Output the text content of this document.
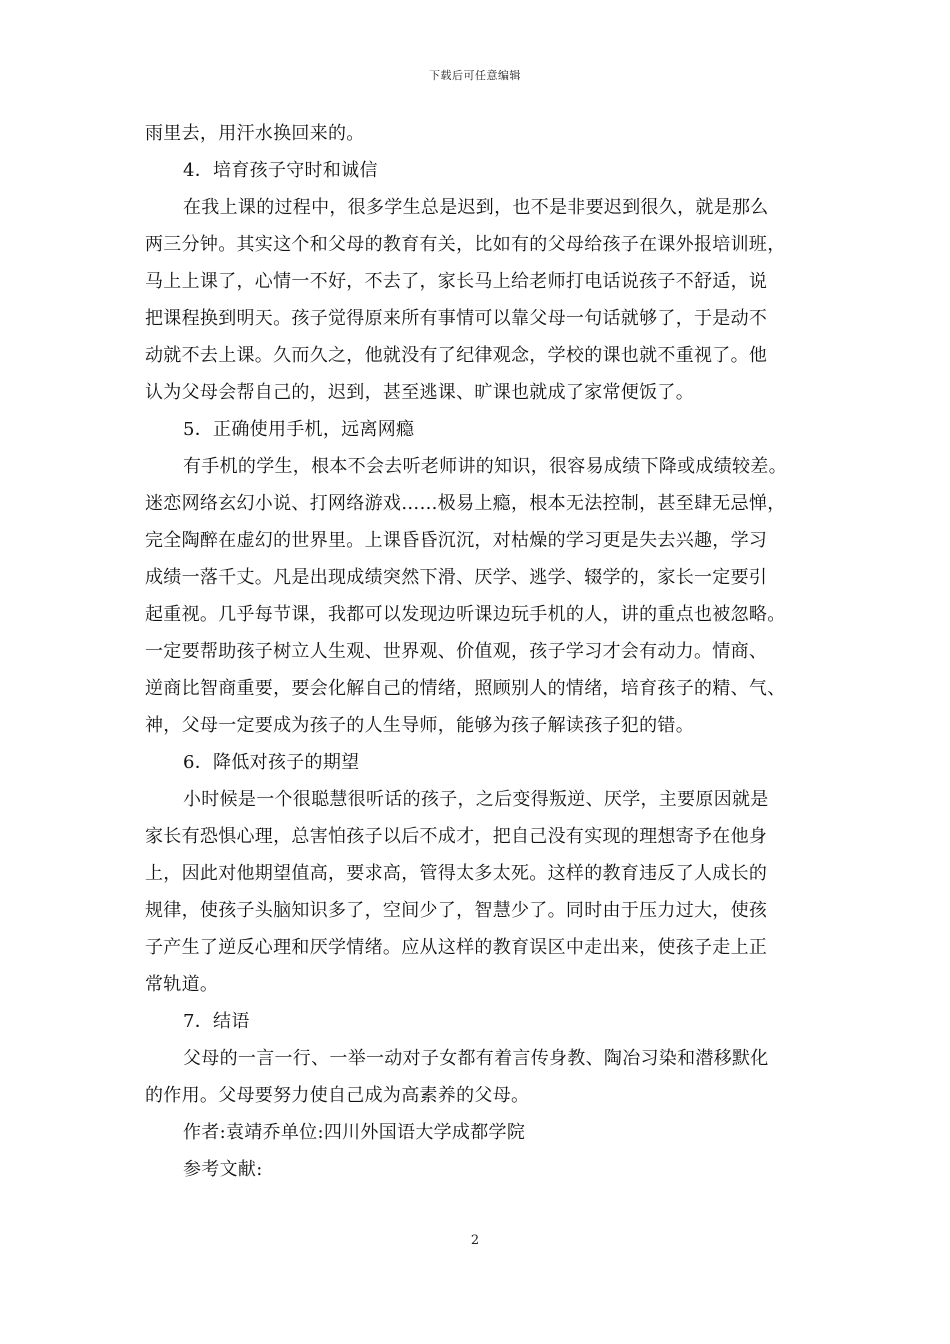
下载后可任意编辑
雨里去，用汗水换回来的。
4．培育孩子守时和诚信
在我上课的过程中，很多学生总是迟到，也不是非要迟到很久，就是那么
两三分钟。其实这个和父母的教育有关，比如有的父母给孩子在课外报培训班，
马上上课了，心情一不好，不去了，家长马上给老师打电话说孩子不舒适，说
把课程换到明天。孩子觉得原来所有事情可以靠父母一句话就够了，于是动不
动就不去上课。久而久之，他就没有了纪律观念，学校的课也就不重视了。他
认为父母会帮自己的，迟到，甚至逃课、旷课也就成了家常便饭了。
5．正确使用手机，远离网瘾
有手机的学生，根本不会去听老师讲的知识，很容易成绩下降或成绩较差。
迷恋网络玄幻小说、打网络游戏……极易上瘾，根本无法控制，甚至肆无忌惮，
完全陶醉在虚幻的世界里。上课昏昏沉沉，对枯燥的学习更是失去兴趣，学习
成绩一落千丈。凡是出现成绩突然下滑、厌学、逃学、辍学的，家长一定要引
起重视。几乎每节课，我都可以发现边听课边玩手机的人，讲的重点也被忽略。
一定要帮助孩子树立人生观、世界观、价值观，孩子学习才会有动力。情商、
逆商比智商重要，要会化解自己的情绪，照顾别人的情绪，培育孩子的精、气、
神，父母一定要成为孩子的人生导师，能够为孩子解读孩子犯的错。
6．降低对孩子的期望
小时候是一个很聪慧很听话的孩子，之后变得叛逆、厌学，主要原因就是
家长有恐惧心理，总害怕孩子以后不成才，把自己没有实现的理想寄予在他身
上，因此对他期望值高，要求高，管得太多太死。这样的教育违反了人成长的
规律，使孩子头脑知识多了，空间少了，智慧少了。同时由于压力过大，使孩
子产生了逆反心理和厌学情绪。应从这样的教育误区中走出来，使孩子走上正
常轨道。
7．结语
父母的一言一行、一举一动对子女都有着言传身教、陶冶习染和潜移默化
的作用。父母要努力使自己成为高素养的父母。
作者:袁靖乔单位:四川外国语大学成都学院
参考文献:
2
